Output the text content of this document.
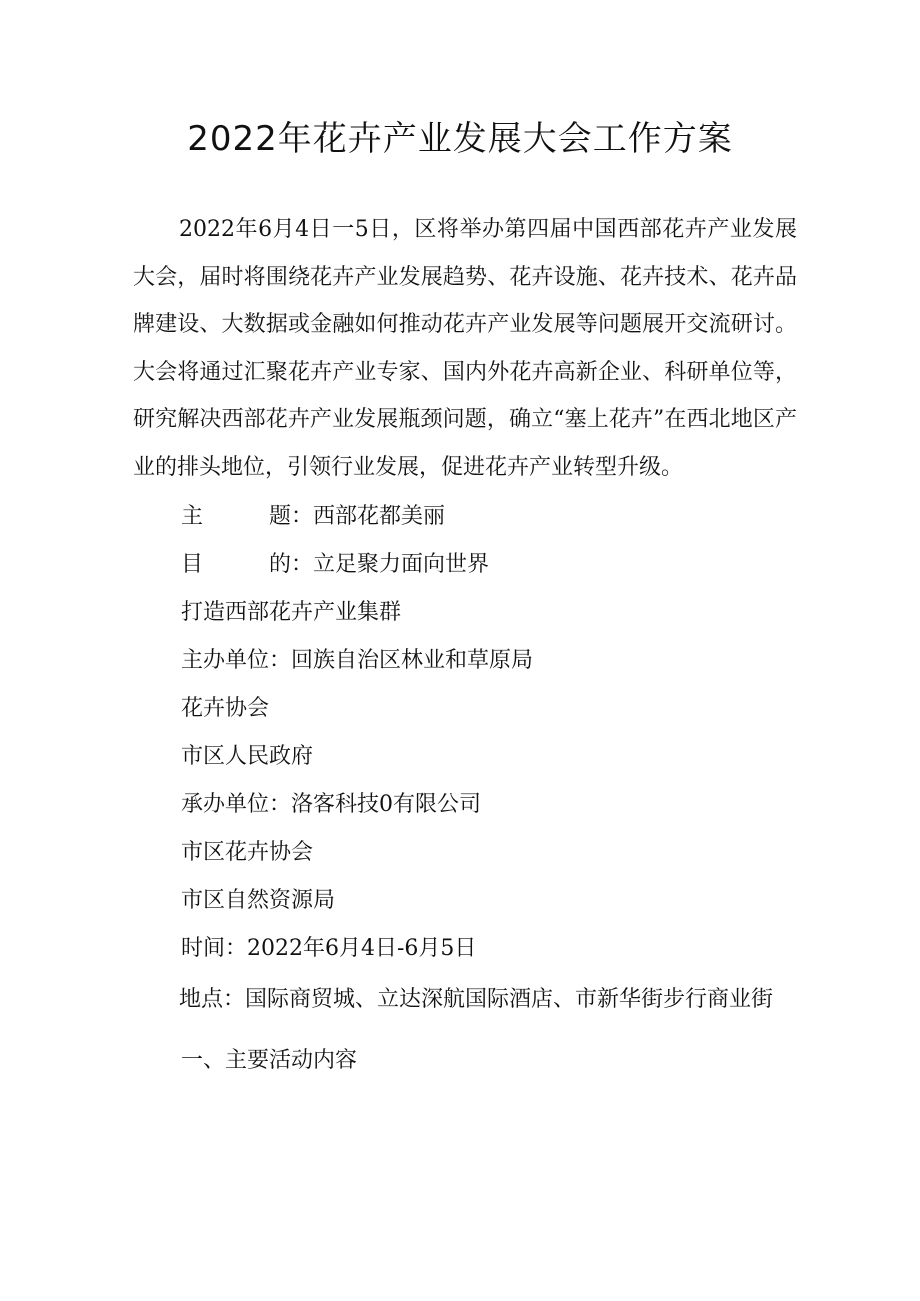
2022年花卉产业发展大会工作方案

2022年6月4日一5日，区将举办第四届中国西部花卉产业发展大会，届时将围绕花卉产业发展趋势、花卉设施、花卉技术、花卉品牌建设、大数据或金融如何推动花卉产业发展等问题展开交流研讨。大会将通过汇聚花卉产业专家、国内外花卉高新企业、科研单位等，研究解决西部花卉产业发展瓶颈问题，确立“塞上花卉”在西北地区产业的排头地位，引领行业发展，促进花卉产业转型升级。

主	题： 西部花都美丽

目	的： 立足聚力面向世界

打造西部花卉产业集群

主办单位：回族自治区林业和草原局

花卉协会

市区人民政府

承办单位：洛客科技0有限公司

市区花卉协会

市区自然资源局

时间：2022年6月4日-6月5日

地点：国际商贸城、立达深航国际酒店、市新华街步行商业街

一、主要活动内容
